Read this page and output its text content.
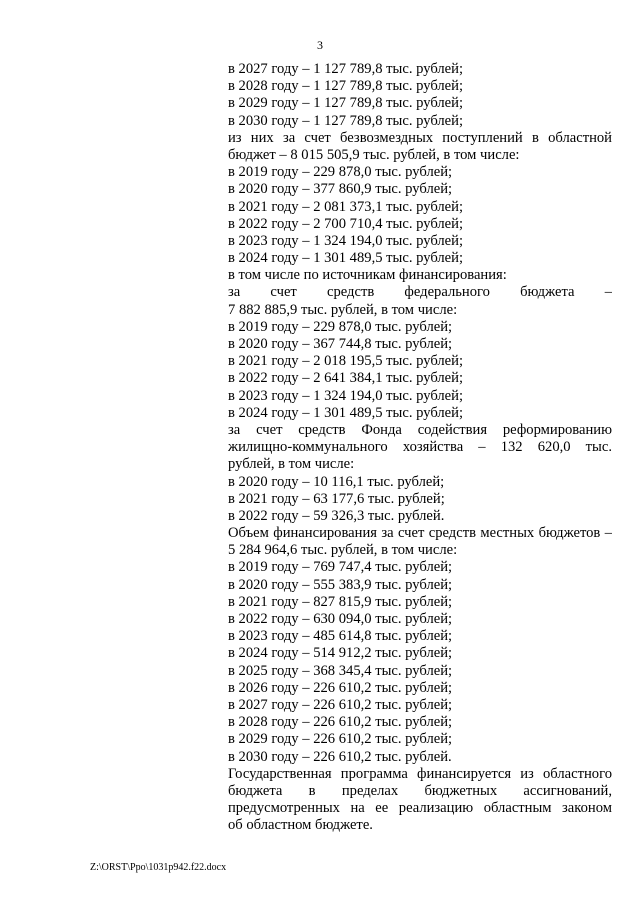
3
в 2027 году – 1 127 789,8 тыс. рублей;
в 2028 году – 1 127 789,8 тыс. рублей;
в 2029 году – 1 127 789,8 тыс. рублей;
в 2030 году – 1 127 789,8 тыс. рублей;
из них за счет безвозмездных поступлений в областной
бюджет – 8 015 505,9 тыс. рублей, в том числе:
в 2019 году – 229 878,0 тыс. рублей;
в 2020 году – 377 860,9 тыс. рублей;
в 2021 году – 2 081 373,1 тыс. рублей;
в 2022 году – 2 700 710,4 тыс. рублей;
в 2023 году – 1 324 194,0 тыс. рублей;
в 2024 году – 1 301 489,5 тыс. рублей;
в том числе по источникам финансирования:
за счет средств федерального бюджета –
7 882 885,9 тыс. рублей, в том числе:
в 2019 году – 229 878,0 тыс. рублей;
в 2020 году – 367 744,8 тыс. рублей;
в 2021 году – 2 018 195,5 тыс. рублей;
в 2022 году – 2 641 384,1 тыс. рублей;
в 2023 году – 1 324 194,0 тыс. рублей;
в 2024 году – 1 301 489,5 тыс. рублей;
за счет средств Фонда содействия реформированию
жилищно-коммунального хозяйства – 132 620,0 тыс.
рублей, в том числе:
в 2020 году – 10 116,1 тыс. рублей;
в 2021 году – 63 177,6 тыс. рублей;
в 2022 году – 59 326,3 тыс. рублей.
Объем финансирования за счет средств местных бюджетов –
5 284 964,6 тыс. рублей, в том числе:
в 2019 году – 769 747,4 тыс. рублей;
в 2020 году – 555 383,9 тыс. рублей;
в 2021 году – 827 815,9 тыс. рублей;
в 2022 году – 630 094,0 тыс. рублей;
в 2023 году – 485 614,8 тыс. рублей;
в 2024 году – 514 912,2 тыс. рублей;
в 2025 году – 368 345,4 тыс. рублей;
в 2026 году – 226 610,2 тыс. рублей;
в 2027 году – 226 610,2 тыс. рублей;
в 2028 году – 226 610,2 тыс. рублей;
в 2029 году – 226 610,2 тыс. рублей;
в 2030 году – 226 610,2 тыс. рублей.
Государственная программа финансируется из областного
бюджета в пределах бюджетных ассигнований,
предусмотренных на ее реализацию областным законом
об областном бюджете.
Z:\ORST\Ppo\1031p942.f22.docx
